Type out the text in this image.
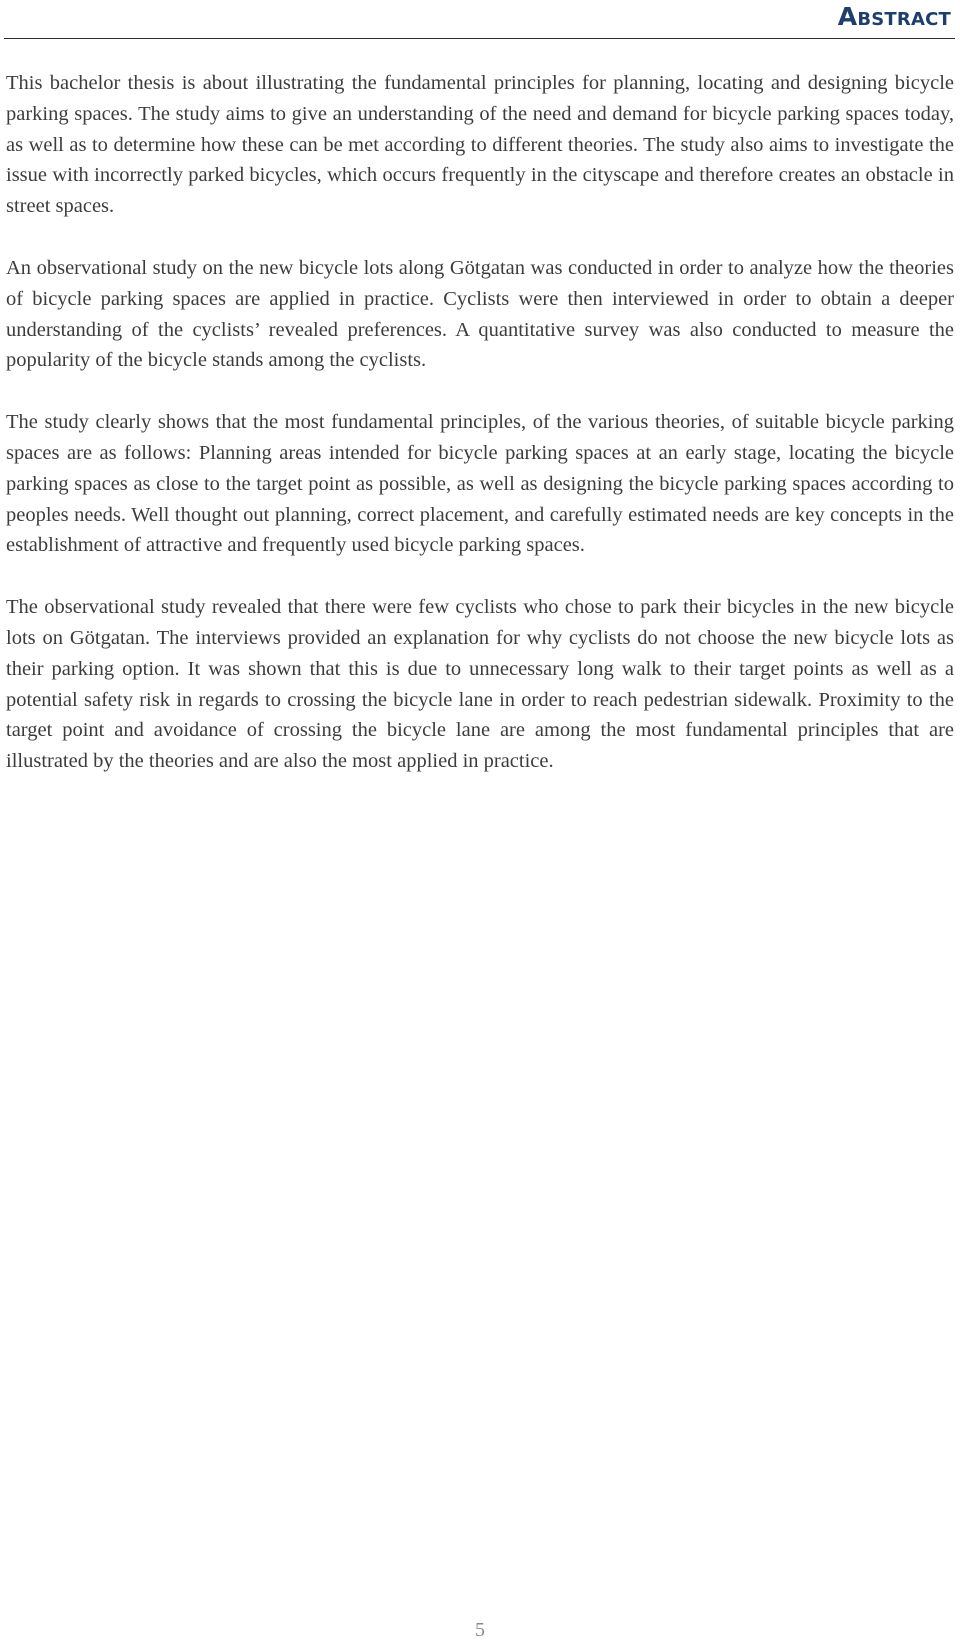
Abstract

This bachelor thesis is about illustrating the fundamental principles for planning, locating and designing bicycle parking spaces. The study aims to give an understanding of the need and demand for bicycle parking spaces today, as well as to determine how these can be met according to different theories. The study also aims to investigate the issue with incorrectly parked bicycles, which occurs frequently in the cityscape and therefore creates an obstacle in street spaces.

An observational study on the new bicycle lots along Götgatan was conducted in order to analyze how the theories of bicycle parking spaces are applied in practice. Cyclists were then interviewed in order to obtain a deeper understanding of the cyclists’ revealed preferences. A quantitative survey was also conducted to measure the popularity of the bicycle stands among the cyclists.

The study clearly shows that the most fundamental principles, of the various theories, of suitable bicycle parking spaces are as follows: Planning areas intended for bicycle parking spaces at an early stage, locating the bicycle parking spaces as close to the target point as possible, as well as designing the bicycle parking spaces according to peoples needs. Well thought out planning, correct placement, and carefully estimated needs are key concepts in the establishment of attractive and frequently used bicycle parking spaces.

The observational study revealed that there were few cyclists who chose to park their bicycles in the new bicycle lots on Götgatan. The interviews provided an explanation for why cyclists do not choose the new bicycle lots as their parking option. It was shown that this is due to unnecessary long walk to their target points as well as a potential safety risk in regards to crossing the bicycle lane in order to reach pedestrian sidewalk. Proximity to the target point and avoidance of crossing the bicycle lane are among the most fundamental principles that are illustrated by the theories and are also the most applied in practice.

5
